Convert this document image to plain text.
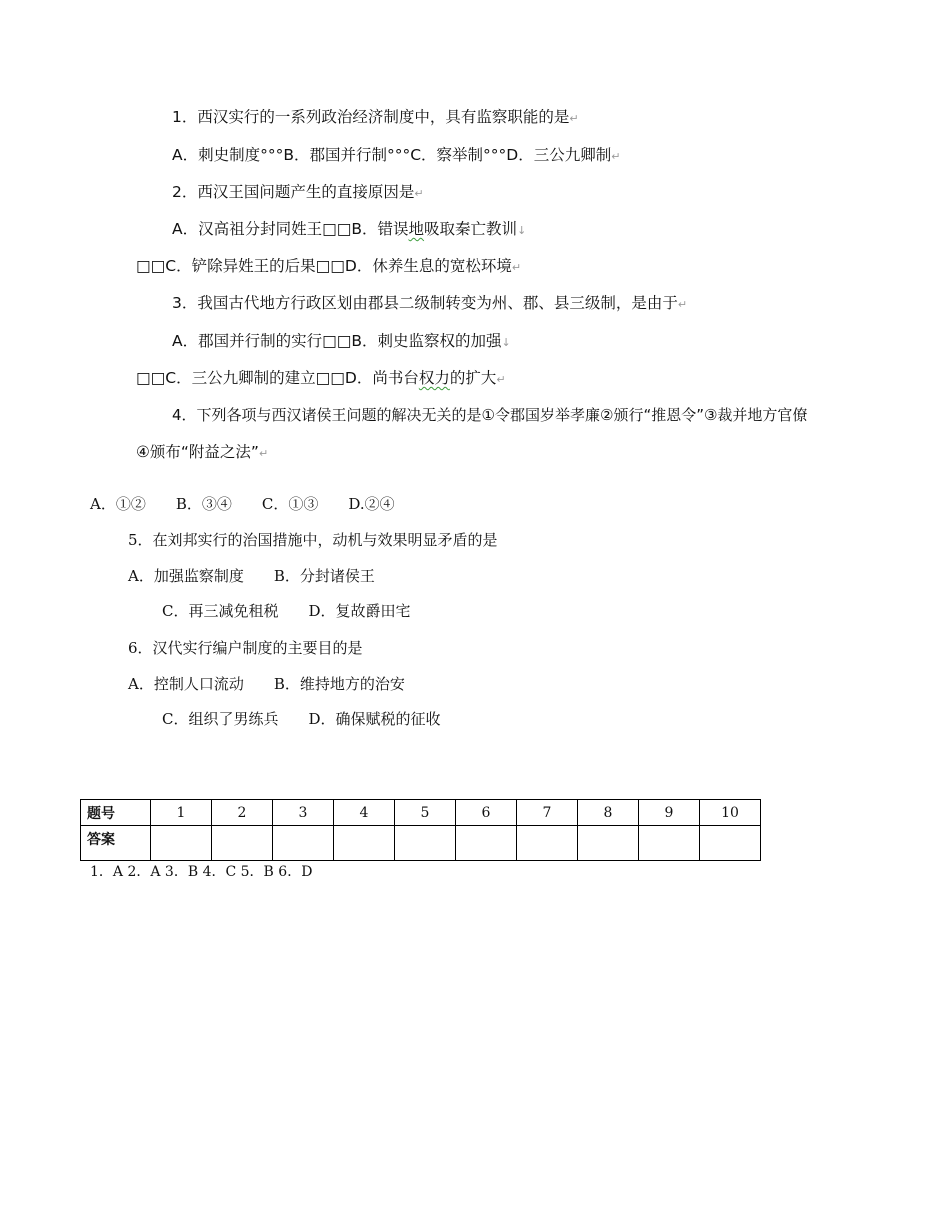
1．西汉实行的一系列政治经济制度中，具有监察职能的是↵
A．刺史制度°°°B．郡国并行制°°°C．察举制°°°D．三公九卿制↵
2．西汉王国问题产生的直接原因是↵
A．汉高祖分封同姓王□□B．错误地吸取秦亡教训↓
□□C．铲除异姓王的后果□□D．休养生息的宽松环境↵
3．我国古代地方行政区划由郡县二级制转变为州、郡、县三级制，是由于↵
A．郡国并行制的实行□□B．刺史监察权的加强↓
□□C．三公九卿制的建立□□D．尚书台权力的扩大↵
4．下列各项与西汉诸侯王问题的解决无关的是①令郡国岁举孝廉②颁行“推恩令”③裁并地方官僚
④颁布“附益之法”↵
A．①②　　B．③④　　C．①③　　D.②④
5．在刘邦实行的治国措施中，动机与效果明显矛盾的是
A．加强监察制度　　B．分封诸侯王
C．再三减免租税　　D．复故爵田宅
6．汉代实行编户制度的主要目的是
A．控制人口流动　　B．维持地方的治安
C．组织了男练兵　　D．确保赋税的征收
题号	1	2	3	4	5	6	7	8	9	10
答案										
1．A 2．A 3．B 4．C 5．B 6．D
